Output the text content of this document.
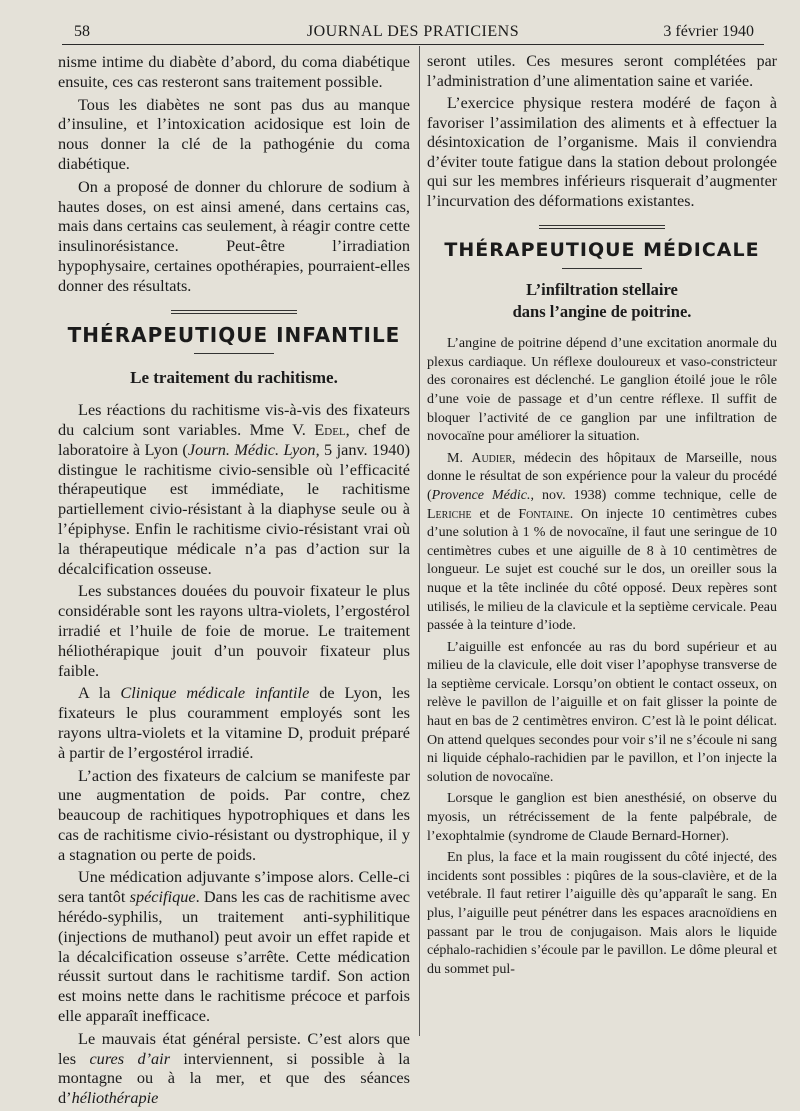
58	JOURNAL DES PRATICIENS	3 février 1940

nisme intime du diabète d’abord, du coma diabétique ensuite, ces cas resteront sans traitement possible.

Tous les diabètes ne sont pas dus au manque d’insuline, et l’intoxication acidosique est loin de nous donner la clé de la pathogénie du coma diabétique.

On a proposé de donner du chlorure de sodium à hautes doses, on est ainsi amené, dans certains cas, mais dans certains cas seulement, à réagir contre cette insulinorésistance. Peut-être l’irradiation hypophysaire, certaines opothérapies, pourraient-elles donner des résultats.

THÉRAPEUTIQUE INFANTILE
Le traitement du rachitisme.

Les réactions du rachitisme vis-à-vis des fixateurs du calcium sont variables. Mme V. Edel, chef de laboratoire à Lyon (Journ. Médic. Lyon, 5 janv. 1940) distingue le rachitisme civio-sensible où l’efficacité thérapeutique est immédiate, le rachitisme partiellement civio-résistant à la diaphyse seule ou à l’épiphyse. Enfin le rachitisme civio-résistant vrai où la thérapeutique médicale n’a pas d’action sur la décalcification osseuse.

Les substances douées du pouvoir fixateur le plus considérable sont les rayons ultra-violets, l’ergostérol irradié et l’huile de foie de morue. Le traitement héliothérapique jouit d’un pouvoir fixateur plus faible.

A la Clinique médicale infantile de Lyon, les fixateurs le plus couramment employés sont les rayons ultra-violets et la vitamine D, produit préparé à partir de l’ergostérol irradié.

L’action des fixateurs de calcium se manifeste par une augmentation de poids. Par contre, chez beaucoup de rachitiques hypotrophiques et dans les cas de rachitisme civio-résistant ou dystrophique, il y a stagnation ou perte de poids.

Une médication adjuvante s’impose alors. Celle-ci sera tantôt spécifique. Dans les cas de rachitisme avec hérédo-syphilis, un traitement anti-syphilitique (injections de muthanol) peut avoir un effet rapide et la décalcification osseuse s’arrête. Cette médication réussit surtout dans le rachitisme tardif. Son action est moins nette dans le rachitisme précoce et parfois elle apparaît inefficace.

Le mauvais état général persiste. C’est alors que les cures d’air interviennent, si possible à la montagne ou à la mer, et que des séances d’héliothérapie

seront utiles. Ces mesures seront complétées par l’administration d’une alimentation saine et variée.

L’exercice physique restera modéré de façon à favoriser l’assimilation des aliments et à effectuer la désintoxication de l’organisme. Mais il conviendra d’éviter toute fatigue dans la station debout prolongée qui sur les membres inférieurs risquerait d’augmenter l’incurvation des déformations existantes.

THÉRAPEUTIQUE MÉDICALE
L’infiltration stellaire
dans l’angine de poitrine.

L’angine de poitrine dépend d’une excitation anormale du plexus cardiaque. Un réflexe douloureux et vaso-constricteur des coronaires est déclenché. Le ganglion étoilé joue le rôle d’une voie de passage et d’un centre réflexe. Il suffit de bloquer l’activité de ce ganglion par une infiltration de novocaïne pour améliorer la situation.

M. Audier, médecin des hôpitaux de Marseille, nous donne le résultat de son expérience pour la valeur du procédé (Provence Médic., nov. 1938) comme technique, celle de Leriche et de Fontaine. On injecte 10 centimètres cubes d’une solution à 1 % de novocaïne, il faut une seringue de 10 centimètres cubes et une aiguille de 8 à 10 centimètres de longueur. Le sujet est couché sur le dos, un oreiller sous la nuque et la tête inclinée du côté opposé. Deux repères sont utilisés, le milieu de la clavicule et la septième cervicale. Peau passée à la teinture d’iode.

L’aiguille est enfoncée au ras du bord supérieur et au milieu de la clavicule, elle doit viser l’apophyse transverse de la septième cervicale. Lorsqu’on obtient le contact osseux, on relève le pavillon de l’aiguille et on fait glisser la pointe de haut en bas de 2 centimètres environ. C’est là le point délicat. On attend quelques secondes pour voir s’il ne s’écoule ni sang ni liquide céphalo-rachidien par le pavillon, et l’on injecte la solution de novocaïne.

Lorsque le ganglion est bien anesthésié, on observe du myosis, un rétrécissement de la fente palpébrale, de l’exophtalmie (syndrome de Claude Bernard-Horner).

En plus, la face et la main rougissent du côté injecté, des incidents sont possibles : piqûres de la sous-clavière, et de la vetébrale. Il faut retirer l’aiguille dès qu’apparaît le sang. En plus, l’aiguille peut pénétrer dans les espaces aracnoïdiens en passant par le trou de conjugaison. Mais alors le liquide céphalo-rachidien s’écoule par le pavillon. Le dôme pleural et du sommet pul-
